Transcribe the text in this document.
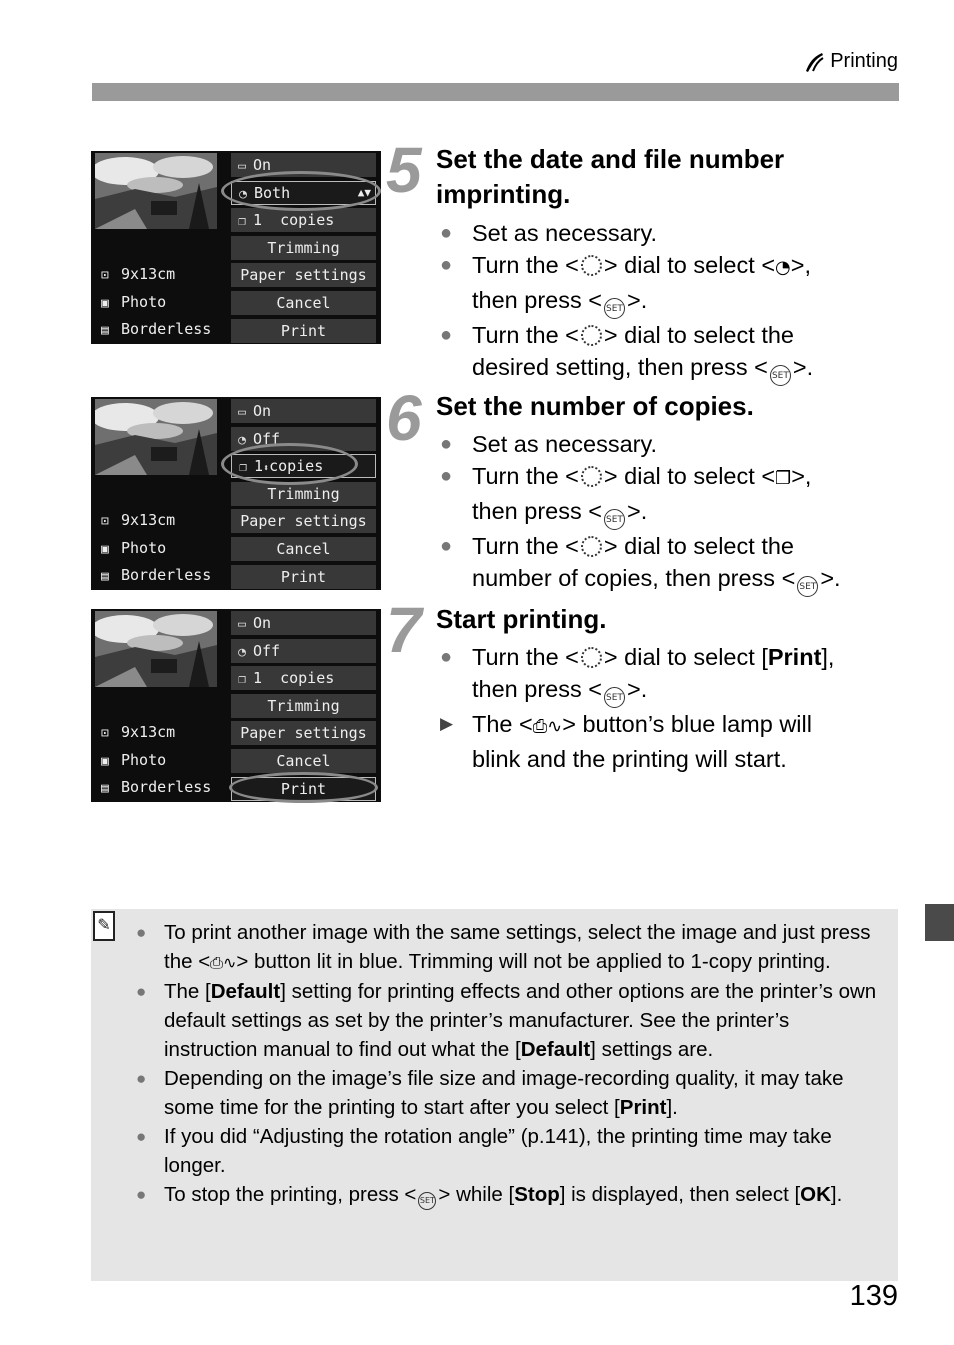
Printing
▭ On
◔ Both	▲▼
❐ 1  copies
Trimming
Paper settings
Cancel
Print
⊡ 9x13cm
▣ Photo
▤ Borderless
▭ On
◔ Off
❐ 1⬍copies
Trimming
Paper settings
Cancel
Print
⊡ 9x13cm
▣ Photo
▤ Borderless
▭ On
◔ Off
❐ 1  copies
Trimming
Paper settings
Cancel
Print
⊡ 9x13cm
▣ Photo
▤ Borderless
5 Set the date and file number
imprinting.
● Set as necessary.
● Turn the < > dial to select <◔>,
then press < SET >.
● Turn the < > dial to select the
desired setting, then press < SET >.
6 Set the number of copies.
● Set as necessary.
● Turn the < > dial to select <❐>,
then press < SET >.
● Turn the < > dial to select the
number of copies, then press < SET >.
7 Start printing.
● Turn the < > dial to select [Print],
then press < SET >.
▶ The <⎙∿> button’s blue lamp will
blink and the printing will start.
✎ ● To print another image with the same settings, select the image and just press the <⎙∿> button lit in blue. Trimming will not be applied to 1-copy printing.
● The [Default] setting for printing effects and other options are the printer’s own default settings as set by the printer’s manufacturer. See the printer’s instruction manual to find out what the [Default] settings are.
● Depending on the image’s file size and image-recording quality, it may take some time for the printing to start after you select [Print].
● If you did “Adjusting the rotation angle” (p.141), the printing time may take longer.
● To stop the printing, press < SET > while [Stop] is displayed, then select [OK].
139
